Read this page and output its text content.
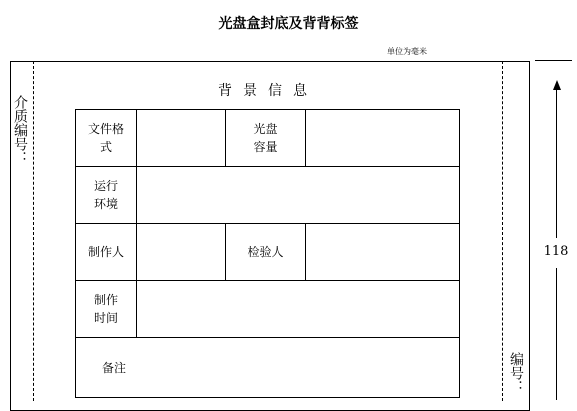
光盘盒封底及背背标签
单位为毫米
介质编号：
编号：
背景信息
文件格式		光盘容量	

运行环境			

制作人		检验人	

制作时间			

备注			
118
